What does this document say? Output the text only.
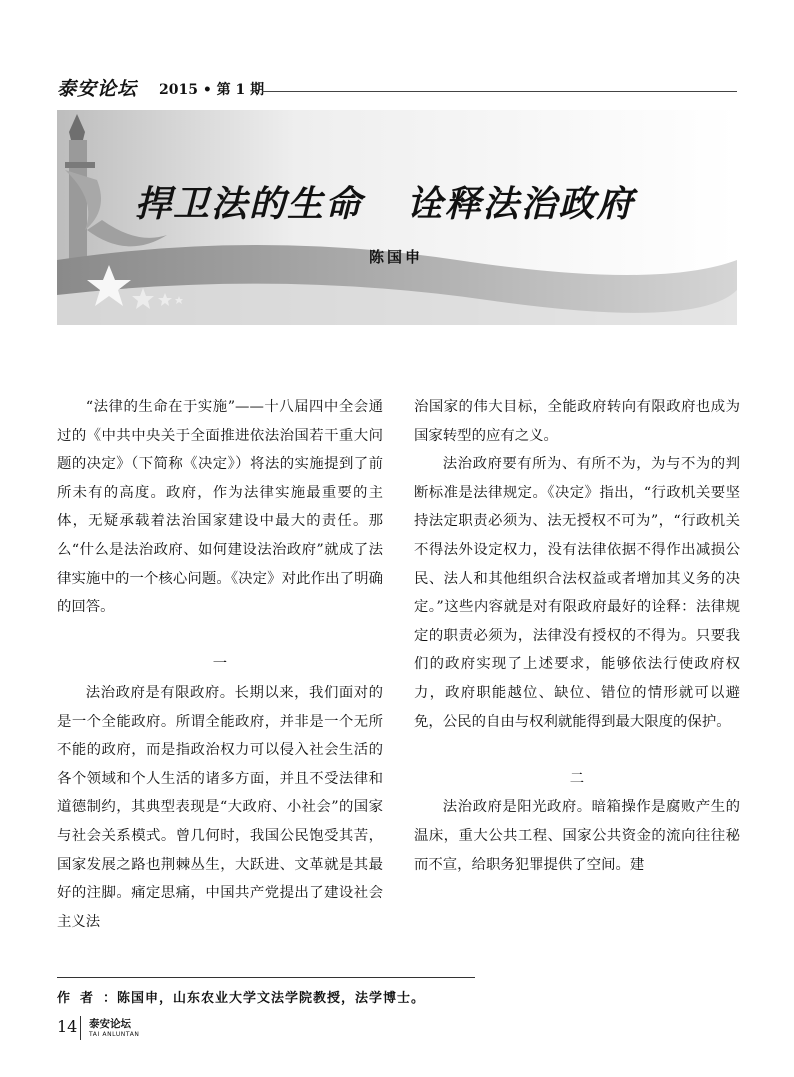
泰安论坛 2015 • 第 1 期
捍卫法的生命   诠释法治政府
陈国申

“法律的生命在于实施”——十八届四中全会通过的《中共中央关于全面推进依法治国若干重大问题的决定》（下简称《决定》）将法的实施提到了前所未有的高度。政府，作为法律实施最重要的主体，无疑承载着法治国家建设中最大的责任。那么“什么是法治政府、如何建设法治政府”就成了法律实施中的一个核心问题。《决定》对此作出了明确的回答。

一

法治政府是有限政府。长期以来，我们面对的是一个全能政府。所谓全能政府，并非是一个无所不能的政府，而是指政治权力可以侵入社会生活的各个领域和个人生活的诸多方面，并且不受法律和道德制约，其典型表现是“大政府、小社会”的国家与社会关系模式。曾几何时，我国公民饱受其苦，国家发展之路也荆棘丛生，大跃进、文革就是其最好的注脚。痛定思痛，中国共产党提出了建设社会主义法

治国家的伟大目标，全能政府转向有限政府也成为国家转型的应有之义。

法治政府要有所为、有所不为，为与不为的判断标准是法律规定。《决定》指出，“行政机关要坚持法定职责必须为、法无授权不可为”，“行政机关不得法外设定权力，没有法律依据不得作出减损公民、法人和其他组织合法权益或者增加其义务的决定。”这些内容就是对有限政府最好的诠释：法律规定的职责必须为，法律没有授权的不得为。只要我们的政府实现了上述要求，能够依法行使政府权力，政府职能越位、缺位、错位的情形就可以避免，公民的自由与权利就能得到最大限度的保护。

二

法治政府是阳光政府。暗箱操作是腐败产生的温床，重大公共工程、国家公共资金的流向往往秘而不宣，给职务犯罪提供了空间。建

作者：陈国申，山东农业大学文法学院教授，法学博士。
14 泰安论坛
TAI ANLUNTAN
